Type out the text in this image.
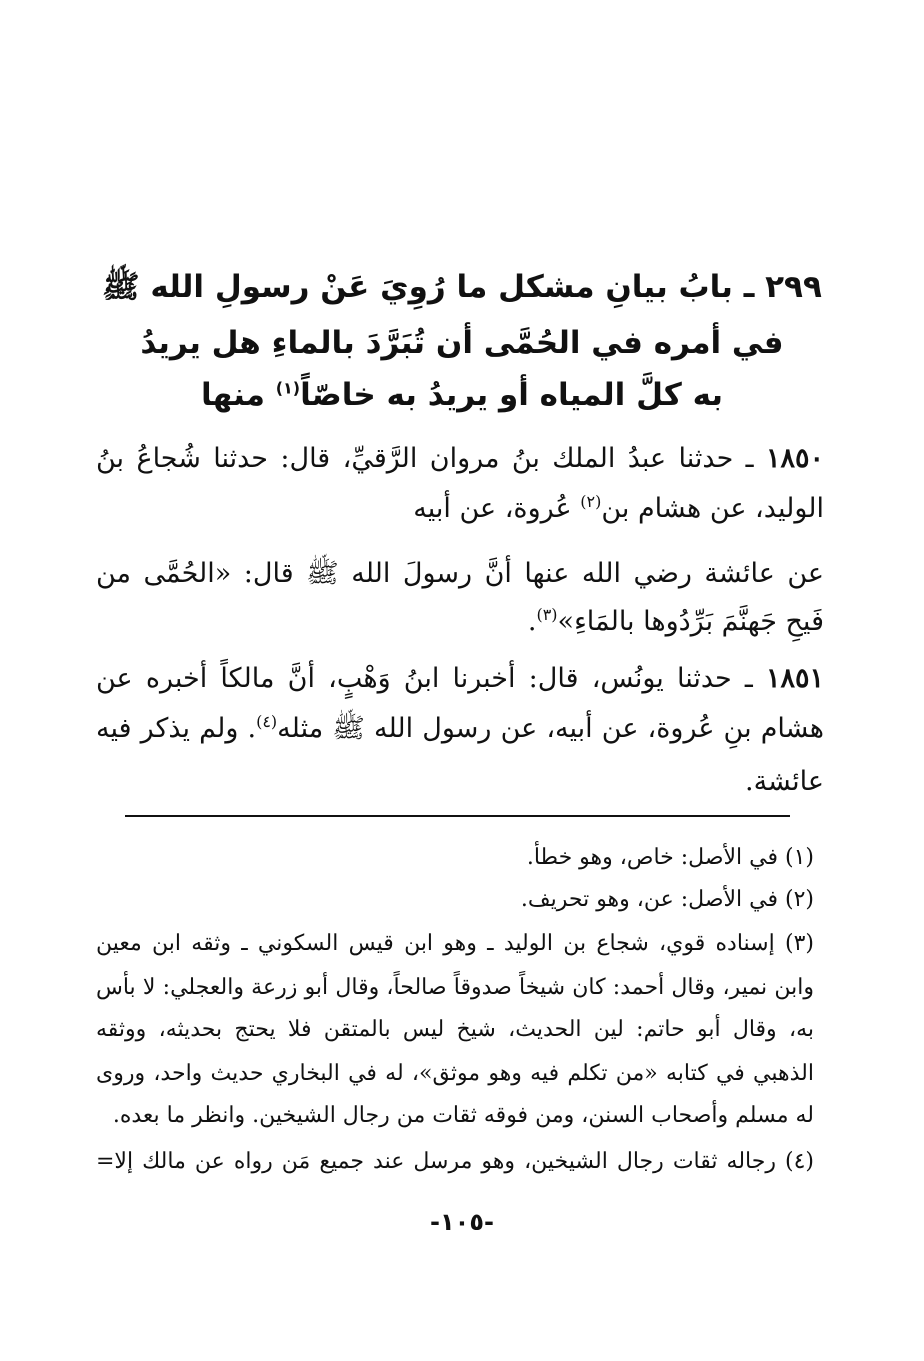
٢٩٩ ـ بابُ بيانِ مشكل ما رُوِيَ عَنْ رسولِ الله ﷺ
في أمره في الحُمَّى أن تُبَرَّدَ بالماءِ هل يريدُ
به كلَّ المياه أو يريدُ به خاصّاً$^{(١)}$ منها
١٨٥٠ ـ حدثنا عبدُ الملك بنُ مروان الرَّقيِّ، قال: حدثنا شُجاعُ بنُ
الوليد، عن هشام بن$^{(٢)}$ عُروة، عن أبيه
عن عائشة رضي الله عنها أنَّ رسولَ الله ﷺ قال: «الحُمَّى من
فَيحِ جَهنَّمَ بَرِّدُوها بالمَاءِ»$^{(٣)}$.
١٨٥١ ـ حدثنا يونُس، قال: أخبرنا ابنُ وَهْبٍ، أنَّ مالكاً أخبره عن
هشام بنِ عُروة، عن أبيه، عن رسول الله ﷺ مثله$^{(٤)}$. ولم يذكر فيه
عائشة.
(١) في الأصل: خاص، وهو خطأ.
(٢) في الأصل: عن، وهو تحريف.
(٣) إسناده قوي، شجاع بن الوليد ـ وهو ابن قيس السكوني ـ وثقه ابن معين
وابن نمير، وقال أحمد: كان شيخاً صدوقاً صالحاً، وقال أبو زرعة والعجلي: لا بأس
به، وقال أبو حاتم: لين الحديث، شيخ ليس بالمتقن فلا يحتج بحديثه، ووثقه
الذهبي في كتابه «من تكلم فيه وهو موثق»، له في البخاري حديث واحد، وروى
له مسلم وأصحاب السنن، ومن فوقه ثقات من رجال الشيخين. وانظر ما بعده.
(٤) رجاله ثقات رجال الشيخين، وهو مرسل عند جميع مَن رواه عن مالك إلا=
-١٠٥-
